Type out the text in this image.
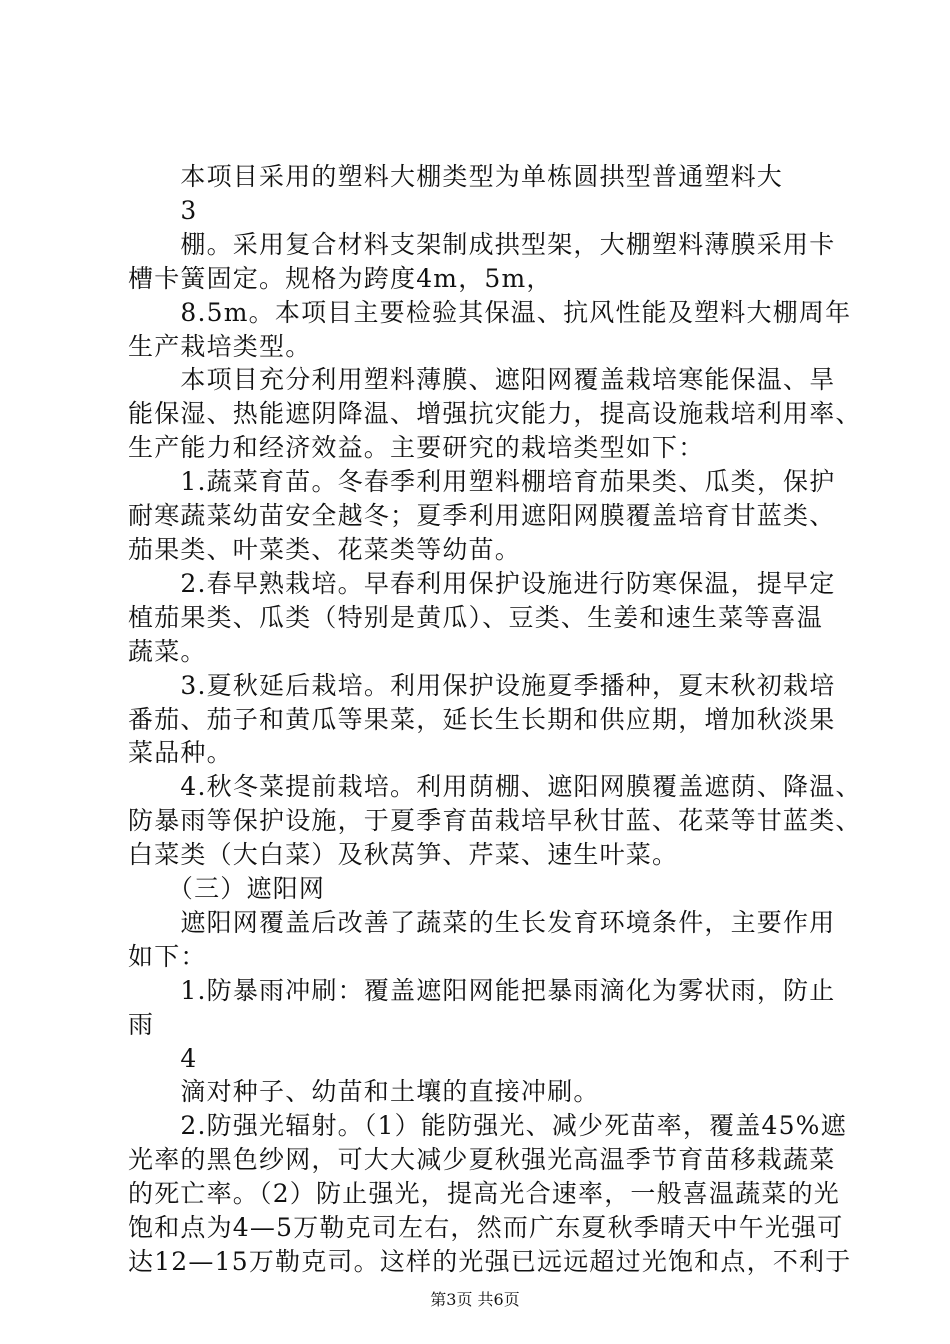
　　本项目采用的塑料大棚类型为单栋圆拱型普通塑料大
　　3
　　棚。采用复合材料支架制成拱型架，大棚塑料薄膜采用卡
槽卡簧固定。规格为跨度4m，5m，
　　8.5m。本项目主要检验其保温、抗风性能及塑料大棚周年
生产栽培类型。
　　本项目充分利用塑料薄膜、遮阳网覆盖栽培寒能保温、旱
能保湿、热能遮阴降温、增强抗灾能力，提高设施栽培利用率、
生产能力和经济效益。主要研究的栽培类型如下：
　　1.蔬菜育苗。冬春季利用塑料棚培育茄果类、瓜类，保护
耐寒蔬菜幼苗安全越冬；夏季利用遮阳网膜覆盖培育甘蓝类、
茄果类、叶菜类、花菜类等幼苗。
　　2.春早熟栽培。早春利用保护设施进行防寒保温，提早定
植茄果类、瓜类（特别是黄瓜）、豆类、生姜和速生菜等喜温
蔬菜。
　　3.夏秋延后栽培。利用保护设施夏季播种，夏末秋初栽培
番茄、茄子和黄瓜等果菜，延长生长期和供应期，增加秋淡果
菜品种。
　　4.秋冬菜提前栽培。利用荫棚、遮阳网膜覆盖遮荫、降温、
防暴雨等保护设施，于夏季育苗栽培早秋甘蓝、花菜等甘蓝类、
白菜类（大白菜）及秋莴笋、芹菜、速生叶菜。
　　（三）遮阳网
　　遮阳网覆盖后改善了蔬菜的生长发育环境条件，主要作用
如下：
　　1.防暴雨冲刷：覆盖遮阳网能把暴雨滴化为雾状雨，防止
雨
　　4
　　滴对种子、幼苗和土壤的直接冲刷。
　　2.防强光辐射。（1）能防强光、减少死苗率，覆盖45%遮
光率的黑色纱网，可大大减少夏秋强光高温季节育苗移栽蔬菜
的死亡率。（2）防止强光，提高光合速率，一般喜温蔬菜的光
饱和点为4—5万勒克司左右，然而广东夏秋季晴天中午光强可
达12—15万勒克司。这样的光强已远远超过光饱和点，不利于
第3页 共6页
